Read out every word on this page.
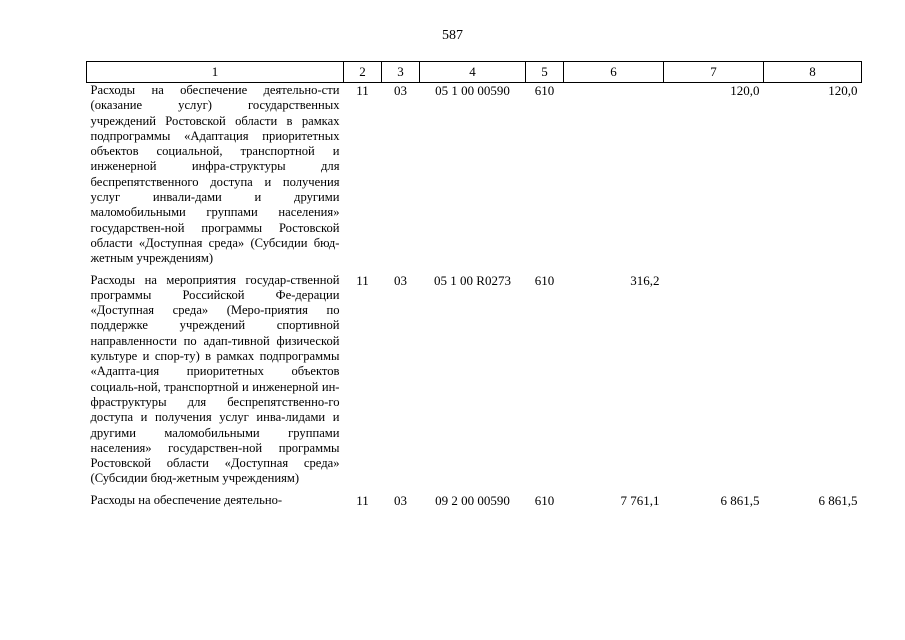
587
1	2	3	4	5	6	7	8
Расходы на обеспечение деятельно-сти (оказание услуг) государственных учреждений Ростовской области в рамках подпрограммы «Адаптация приоритетных объектов социальной, транспортной и инженерной инфра-структуры для беспрепятственного доступа и получения услуг инвали-дами и другими маломобильными группами населения» государствен-ной программы Ростовской области «Доступная среда» (Субсидии бюд-жетным учреждениям)	11	03	05 1 00 00590	610		120,0	120,0
Расходы на мероприятия государ-ственной программы Российской Фе-дерации «Доступная среда» (Меро-приятия по поддержке учреждений спортивной направленности по адап-тивной физической культуре и спор-ту) в рамках подпрограммы «Адапта-ция приоритетных объектов социаль-ной, транспортной и инженерной ин-фраструктуры для беспрепятственно-го доступа и получения услуг инва-лидами и другими маломобильными группами населения» государствен-ной программы Ростовской области «Доступная среда» (Субсидии бюд-жетным учреждениям)	11	03	05 1 00 R0273	610	316,2		
Расходы на обеспечение деятельно-	11	03	09 2 00 00590	610	7 761,1	6 861,5	6 861,5
